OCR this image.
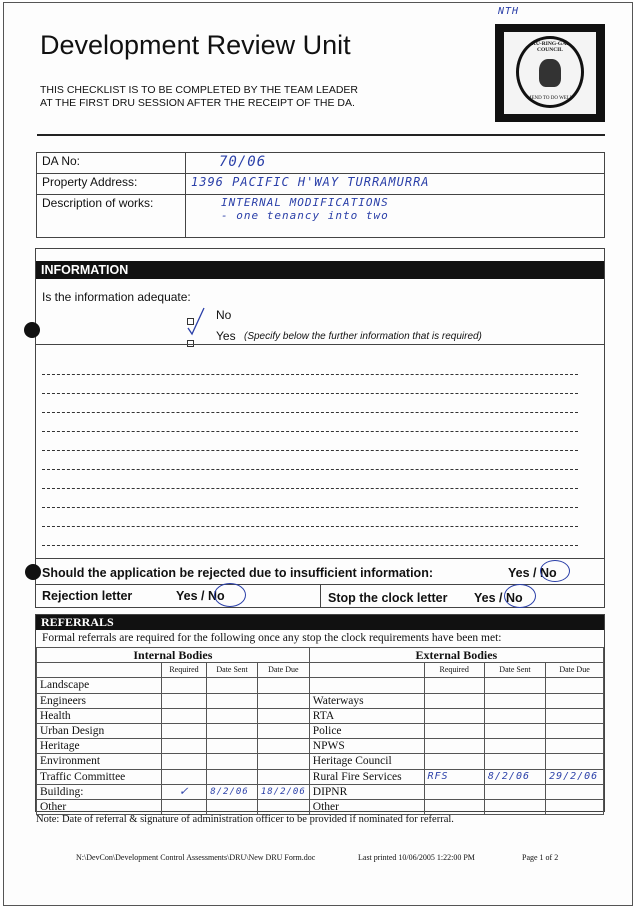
NTH
Development Review Unit
THIS CHECKLIST IS TO BE COMPLETED BY THE TEAM LEADER
AT THE FIRST DRU SESSION AFTER THE RECEIPT OF THE DA.
KU-RING-GAI COUNCIL
MEND TO DO WELL
DA No:	70/06
Property Address:	1396 PACIFIC H'WAY TURRAMURRA
Description of works:	INTERNAL MODIFICATIONS
- one tenancy into two
INFORMATION
Is the information adequate:
No
Yes (Specify below the further information that is required)
Should the application be rejected due to insufficient information:	Yes / No
Rejection letter	Yes / No	Stop the clock letter Yes / No
REFERRALS
Formal referrals are required for the following once any stop the clock requirements have been met:
Internal Bodies				External Bodies			
	Required	Date Sent	Date Due		Required	Date Sent	Date Due
Landscape							
Engineers				Waterways			
Health				RTA			
Urban Design				Police			
Heritage				NPWS			
Environment				Heritage Council			
Traffic Committee				Rural Fire Services	RFS	8/2/06	29/2/06
Building:	✓	8/2/06	18/2/06	DIPNR			
Other				Other			
Note: Date of referral & signature of administration officer to be provided if nominated for referral.
N:\DevCon\Development Control Assessments\DRU\New DRU Form.doc	Last printed 10/06/2005 1:22:00 PM	Page 1 of 2
